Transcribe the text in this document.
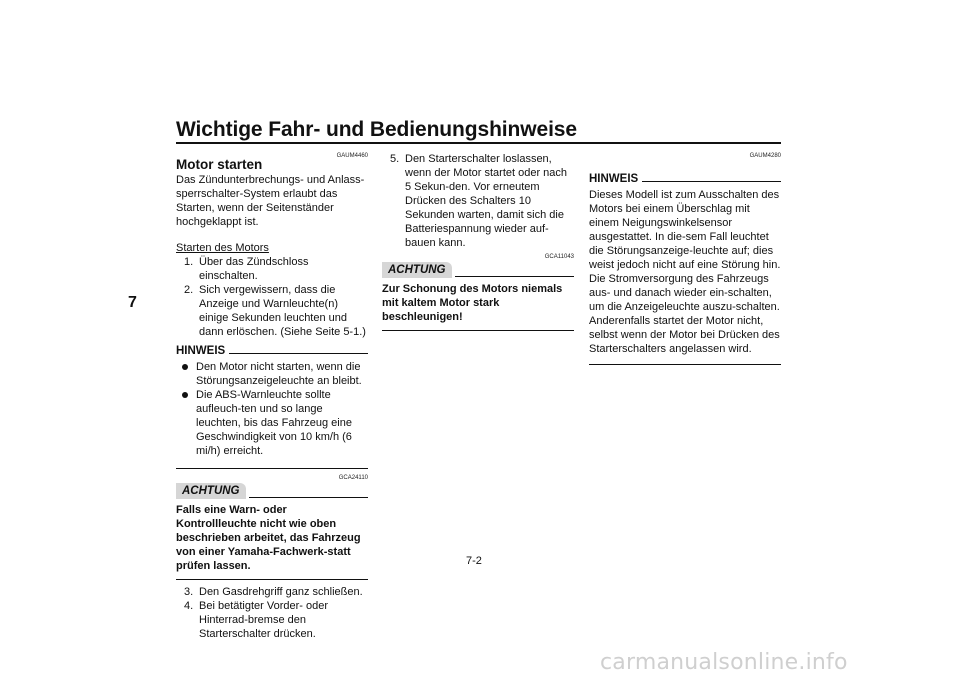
Wichtige Fahr- und Bedienungshinweise
7
7-2
carmanualsonline.info
GAUM4460
Motor starten

Das Zündunterbrechungs- und Anlass-sperrschalter-System erlaubt das Starten, wenn der Seitenständer hochgeklappt ist.

Starten des Motors

1. Über das Zündschloss einschalten.
2. Sich vergewissern, dass die Anzeige und Warnleuchte(n) einige Sekunden leuchten und dann erlöschen. (Siehe Seite 5-1.)
HINWEIS
Den Motor nicht starten, wenn die Störungsanzeigeleuchte an bleibt.
Die ABS-Warnleuchte sollte aufleuch-ten und so lange leuchten, bis das Fahrzeug eine Geschwindigkeit von 10 km/h (6 mi/h) erreicht.
GCA24110
ACHTUNG

Falls eine Warn- oder Kontrollleuchte nicht wie oben beschrieben arbeitet, das Fahrzeug von einer Yamaha-Fachwerk-statt prüfen lassen.

3. Den Gasdrehgriff ganz schließen.
4. Bei betätigter Vorder- oder Hinterrad-bremse den Starterschalter drücken.
5. Den Starterschalter loslassen, wenn der Motor startet oder nach 5 Sekun-den. Vor erneutem Drücken des Schalters 10 Sekunden warten, damit sich die Batteriespannung wieder auf-bauen kann.
GCA11043
ACHTUNG

Zur Schonung des Motors niemals mit kaltem Motor stark beschleunigen!

GAUM4280
HINWEIS

Dieses Modell ist zum Ausschalten des Motors bei einem Überschlag mit einem Neigungswinkelsensor ausgestattet. In die-sem Fall leuchtet die Störungsanzeige-leuchte auf; dies weist jedoch nicht auf eine Störung hin. Die Stromversorgung des Fahrzeugs aus- und danach wieder ein-schalten, um die Anzeigeleuchte auszu-schalten. Anderenfalls startet der Motor nicht, selbst wenn der Motor bei Drücken des Starterschalters angelassen wird.
